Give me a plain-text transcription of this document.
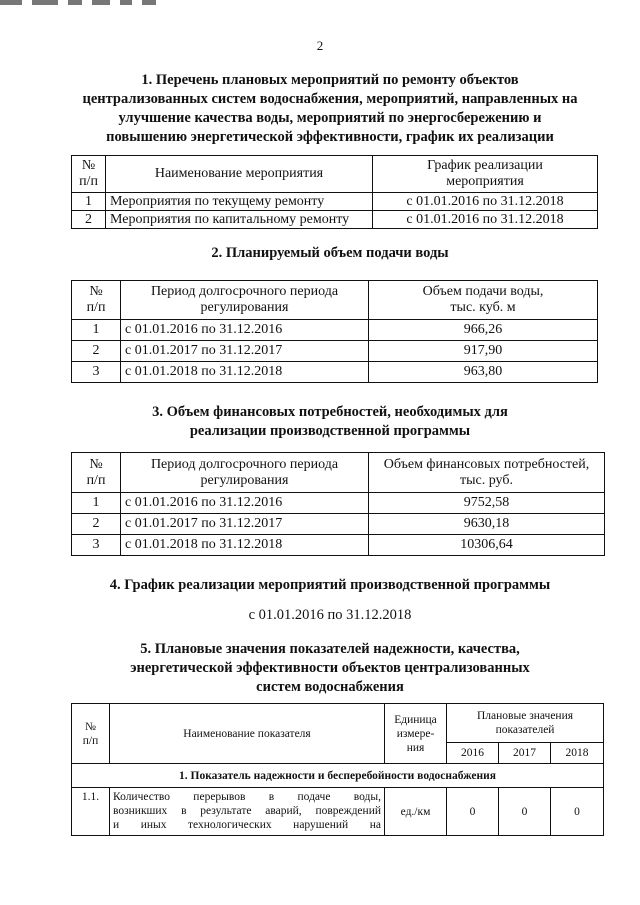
2
1. Перечень плановых мероприятий по ремонту объектов
централизованных систем водоснабжения, мероприятий, направленных на
улучшение качества воды, мероприятий по энергосбережению и
повышению энергетической эффективности, график их реализации
№
п/п	Наименование мероприятия	График реализации
мероприятия
1	Мероприятия по текущему ремонту	с 01.01.2016 по 31.12.2018
2	Мероприятия по капитальному ремонту	с 01.01.2016 по 31.12.2018
2. Планируемый объем подачи воды
№
п/п	Период долгосрочного периода
регулирования	Объем подачи воды,
тыс. куб. м
1	с 01.01.2016 по 31.12.2016	966,26
2	с 01.01.2017 по 31.12.2017	917,90
3	с 01.01.2018 по 31.12.2018	963,80
3. Объем финансовых потребностей, необходимых для
реализации производственной программы
№
п/п	Период долгосрочного периода
регулирования	Объем финансовых потребностей,
тыс. руб.
1	с 01.01.2016 по 31.12.2016	9752,58
2	с 01.01.2017 по 31.12.2017	9630,18
3	с 01.01.2018 по 31.12.2018	10306,64
4. График реализации мероприятий производственной программы
с 01.01.2016 по 31.12.2018
5. Плановые значения показателей надежности, качества,
энергетической эффективности объектов централизованных
систем водоснабжения
№
п/п	Наименование показателя	Единица
измере-
ния	Плановые значения
показателей		
			2016	2017	2018
1. Показатель надежности и бесперебойности водоснабжения					
1.1.	Количество перерывов в подаче воды,
возникших в результате аварий, повреждений
и иных технологических нарушений на	ед./км	0	0	0
